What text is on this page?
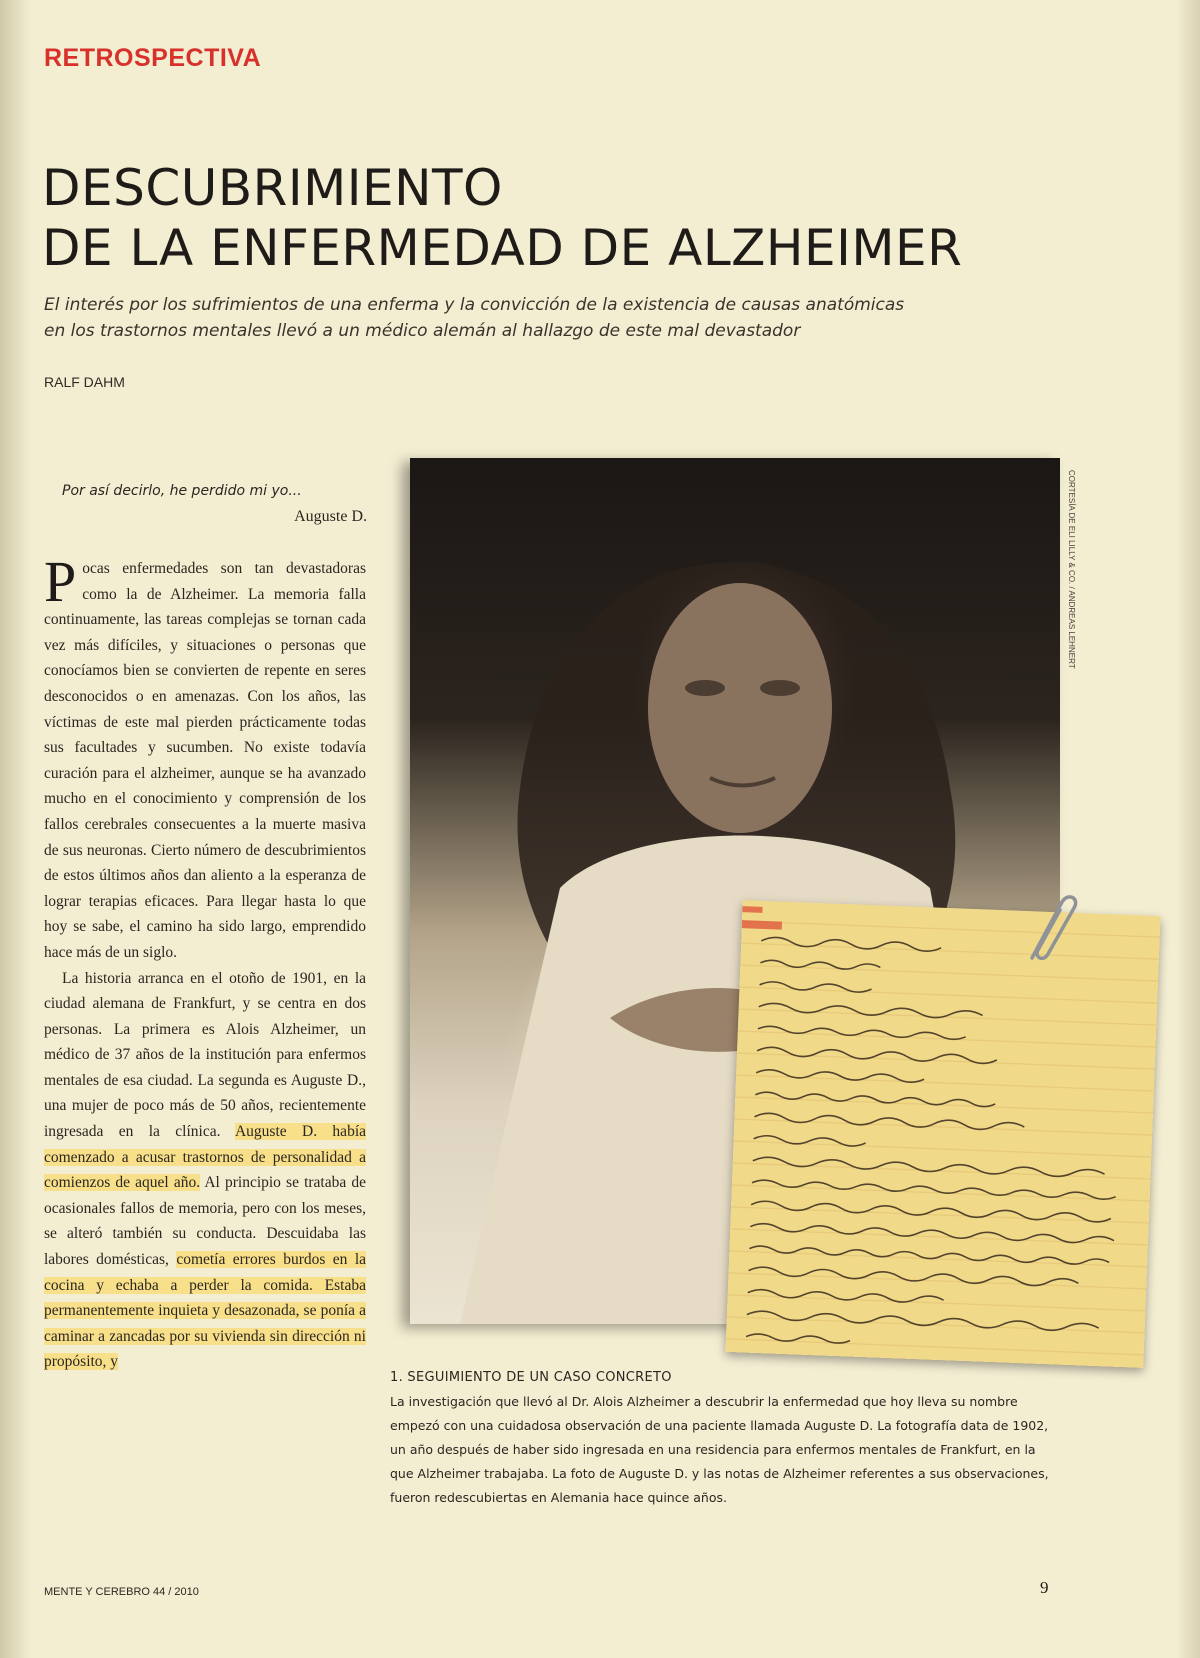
RETROSPECTIVA
DESCUBRIMIENTO
DE LA ENFERMEDAD DE ALZHEIMER
El interés por los sufrimientos de una enferma y la convicción de la existencia de causas anatómicas
en los trastornos mentales llevó a un médico alemán al hallazgo de este mal devastador
RALF DAHM
Por así decirlo, he perdido mi yo...
Auguste D.

Pocas enfermedades son tan devastadoras como la de Alzheimer. La memoria falla continuamente, las tareas complejas se tornan cada vez más difíciles, y situaciones o personas que conocíamos bien se convierten de repente en seres desconocidos o en amenazas. Con los años, las víctimas de este mal pierden prácticamente todas sus facultades y sucumben. No existe todavía curación para el alzheimer, aunque se ha avanzado mucho en el conocimiento y comprensión de los fallos cerebrales consecuentes a la muerte masiva de sus neuronas. Cierto número de descubrimientos de estos últimos años dan aliento a la esperanza de lograr terapias eficaces. Para llegar hasta lo que hoy se sabe, el camino ha sido largo, emprendido hace más de un siglo.

La historia arranca en el otoño de 1901, en la ciudad alemana de Frankfurt, y se centra en dos personas. La primera es Alois Alzheimer, un médico de 37 años de la institución para enfermos mentales de esa ciudad. La segunda es Auguste D., una mujer de poco más de 50 años, recientemente ingresada en la clínica. Auguste D. había comenzado a acusar trastornos de personalidad a comienzos de aquel año. Al principio se trataba de ocasionales fallos de memoria, pero con los meses, se alteró también su conducta. Descuidaba las labores domésticas, cometía errores burdos en la cocina y echaba a perder la comida. Estaba permanentemente inquieta y desazonada, se ponía a caminar a zancadas por su vivienda sin dirección ni propósito, y

CORTESÍA DE ELI LILLY & CO. / ANDREAS LEHNERT
1. SEGUIMIENTO DE UN CASO CONCRETO
La investigación que llevó al Dr. Alois Alzheimer a descubrir la enfermedad que hoy lleva su nombre empezó con una cuidadosa observación de una paciente llamada Auguste D. La fotografía data de 1902, un año después de haber sido ingresada en una residencia para enfermos mentales de Frankfurt, en la que Alzheimer trabajaba. La foto de Auguste D. y las notas de Alzheimer referentes a sus observaciones, fueron redescubiertas en Alemania hace quince años.
MENTE Y CEREBRO 44 / 2010	9
